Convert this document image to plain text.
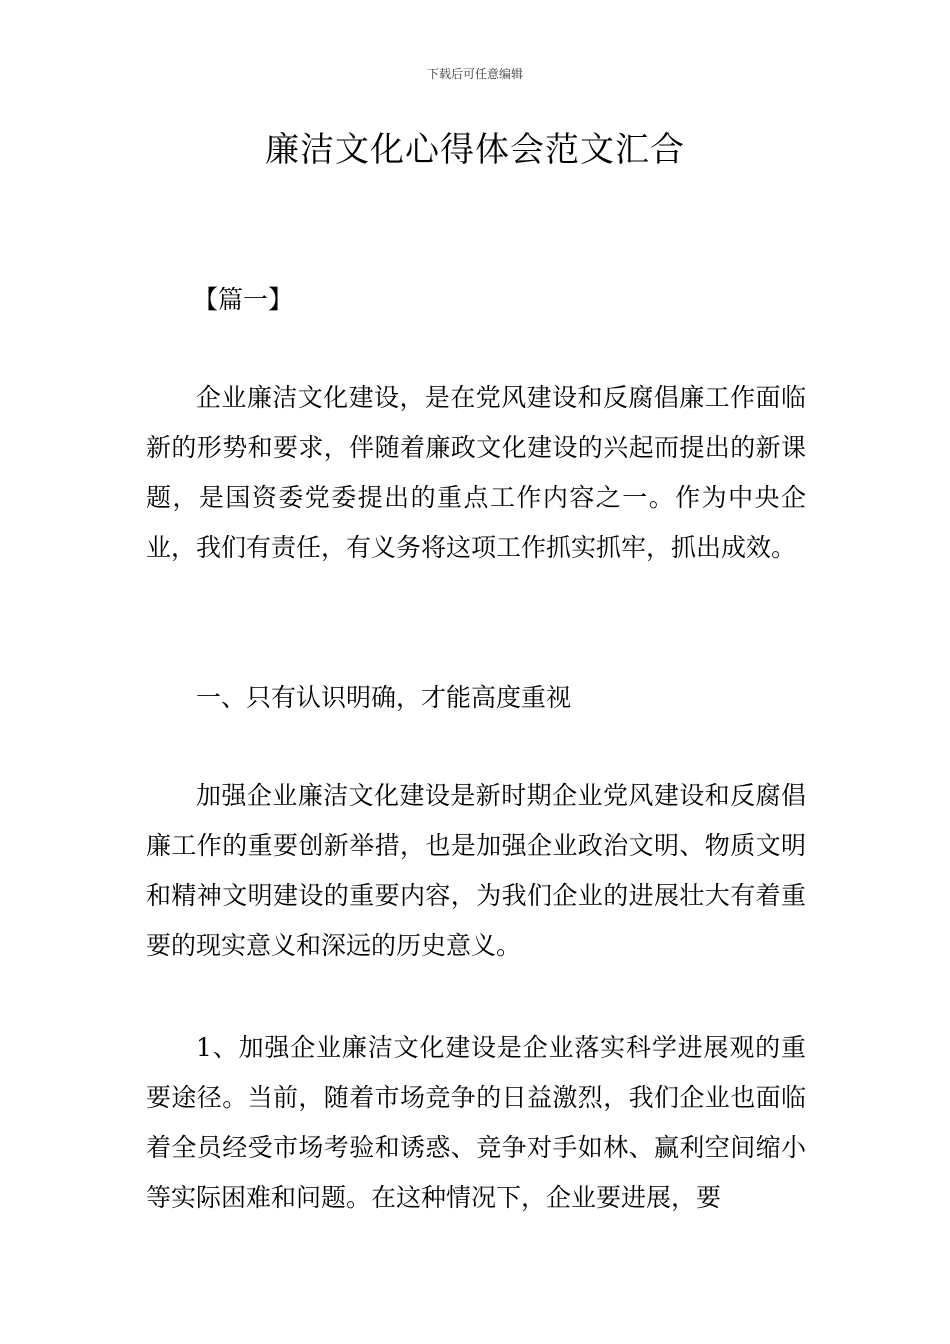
下载后可任意编辑
廉洁文化心得体会范文汇合
【篇一】

企业廉洁文化建设，是在党风建设和反腐倡廉工作面临新的形势和要求，伴随着廉政文化建设的兴起而提出的新课题，是国资委党委提出的重点工作内容之一。作为中央企业，我们有责任，有义务将这项工作抓实抓牢，抓出成效。

一、只有认识明确，才能高度重视

加强企业廉洁文化建设是新时期企业党风建设和反腐倡廉工作的重要创新举措，也是加强企业政治文明、物质文明和精神文明建设的重要内容，为我们企业的进展壮大有着重要的现实意义和深远的历史意义。

1、加强企业廉洁文化建设是企业落实科学进展观的重要途径。当前，随着市场竞争的日益激烈，我们企业也面临着全员经受市场考验和诱惑、竞争对手如林、赢利空间缩小等实际困难和问题。在这种情况下，企业要进展，要
